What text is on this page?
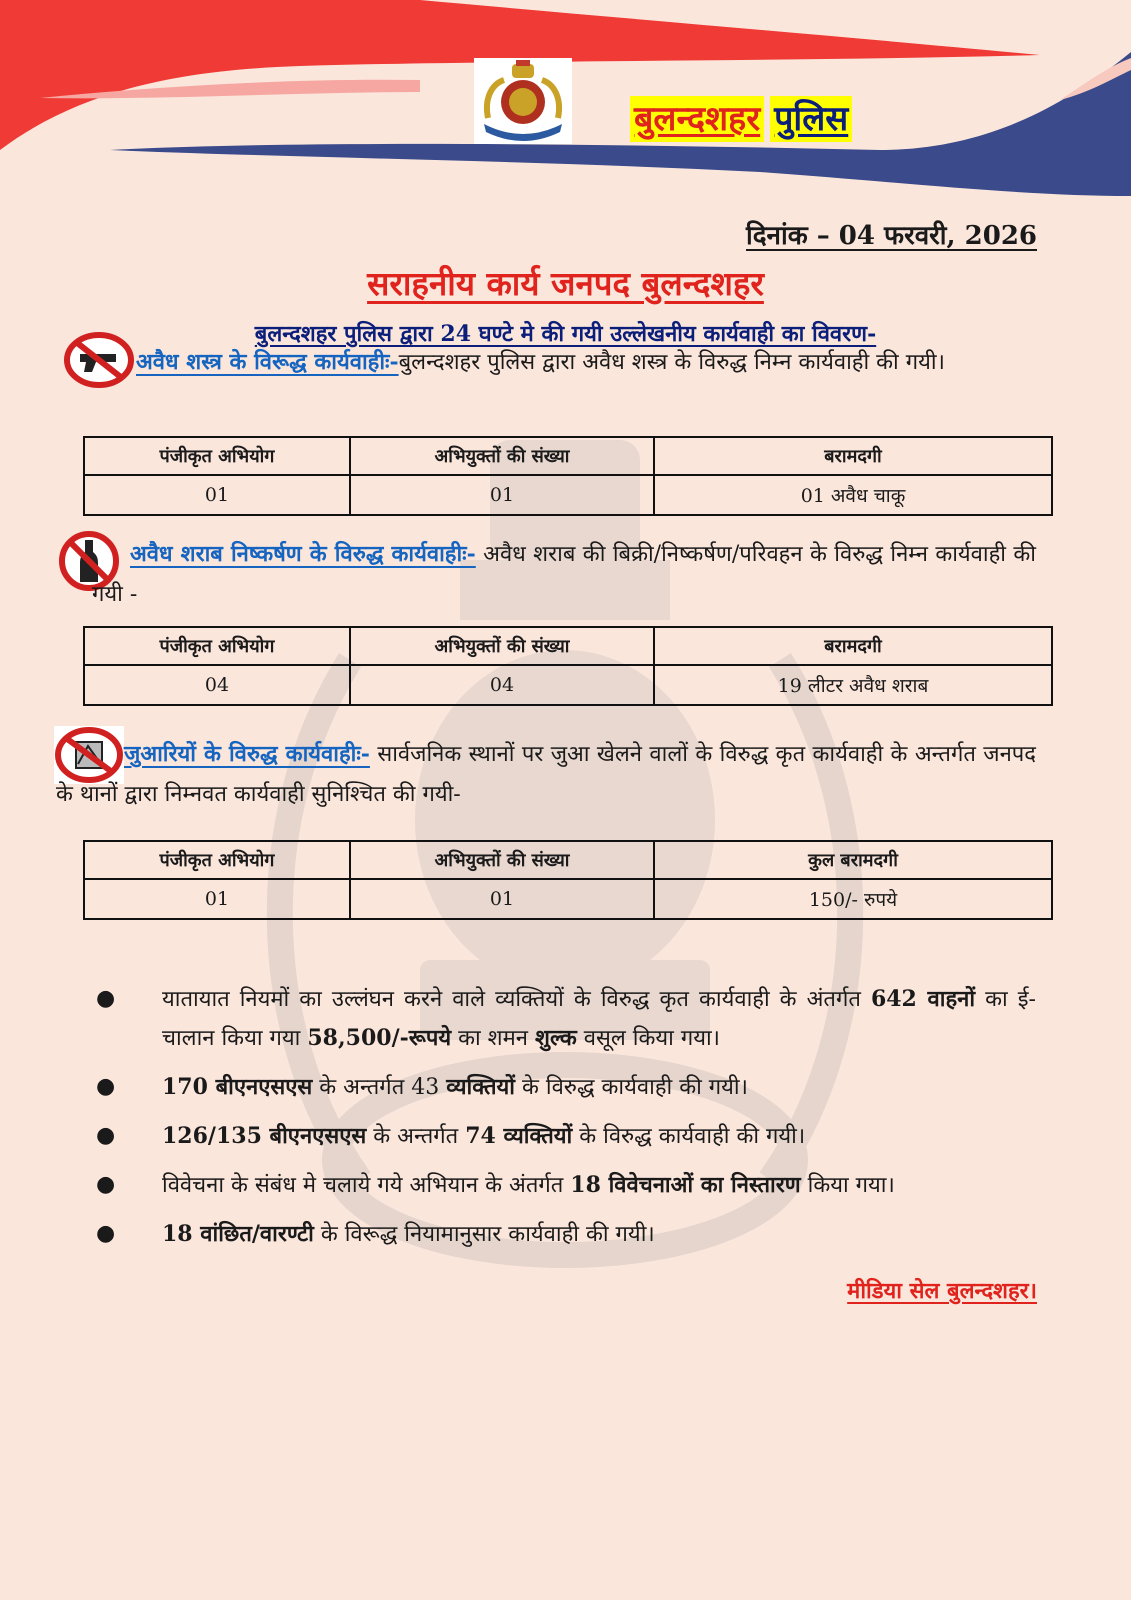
बुलन्दशहर पुलिस
दिनांक – 04 फरवरी, 2026
सराहनीय कार्य जनपद बुलन्दशहर
बुलन्दशहर पुलिस द्वारा 24 घण्टे मे की गयी उल्लेखनीय कार्यवाही का विवरण-
अवैध शस्त्र के विरूद्ध कार्यवाहीः-बुलन्दशहर पुलिस द्वारा अवैध शस्त्र के विरुद्ध निम्न कार्यवाही की गयी।
पंजीकृत अभियोग	अभियुक्तों की संख्या	बरामदगी
01	01	01 अवैध चाकू
अवैध शराब निष्कर्षण के विरुद्ध कार्यवाहीः- अवैध शराब की बिक्री/निष्कर्षण/परिवहन के विरुद्ध निम्न कार्यवाही की गयी -
पंजीकृत अभियोग	अभियुक्तों की संख्या	बरामदगी
04	04	19 लीटर अवैध शराब
जुआरियों के विरुद्ध कार्यवाहीः- सार्वजनिक स्थानों पर जुआ खेलने वालों के विरुद्ध कृत कार्यवाही के अन्तर्गत जनपद के थानों द्वारा निम्नवत कार्यवाही सुनिश्चित की गयी-
पंजीकृत अभियोग	अभियुक्तों की संख्या	कुल बरामदगी
01	01	150/- रुपये
● यातायात नियमों का उल्लंघन करने वाले व्यक्तियों के विरुद्ध कृत कार्यवाही के अंतर्गत 642 वाहनों का ई-चालान किया गया 58,500/-रूपये का शमन शुल्क वसूल किया गया।
● 170 बीएनएसएस के अन्तर्गत 43 व्यक्तियों के विरुद्ध कार्यवाही की गयी।
● 126/135 बीएनएसएस के अन्तर्गत 74 व्यक्तियों के विरुद्ध कार्यवाही की गयी।
● विवेचना के संबंध मे चलाये गये अभियान के अंतर्गत 18 विवेचनाओं का निस्तारण किया गया।
● 18 वांछित/वारण्टी के विरूद्ध नियामानुसार कार्यवाही की गयी।
मीडिया सेल बुलन्दशहर।
